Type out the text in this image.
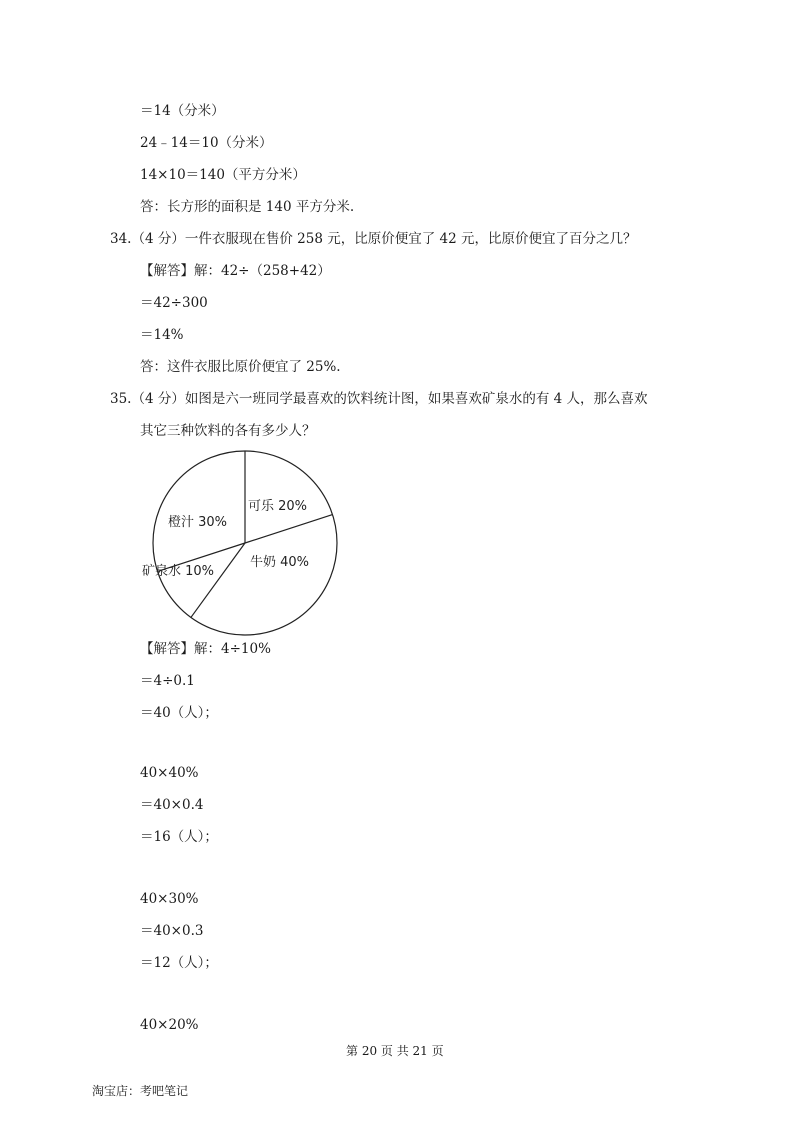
＝14（分米）

24﹣14＝10（分米）

14×10＝140（平方分米）

答：长方形的面积是 140 平方分米.

34.（4 分）一件衣服现在售价 258 元，比原价便宜了 42 元，比原价便宜了百分之几？

【解答】解：42÷（258+42）

＝42÷300

＝14%

答：这件衣服比原价便宜了 25%.

35.（4 分）如图是六一班同学最喜欢的饮料统计图，如果喜欢矿泉水的有 4 人，那么喜欢

其它三种饮料的各有多少人？

可乐 20%
牛奶 40%
矿泉水 10%
橙汁 30%

【解答】解：4÷10%

＝4÷0.1

＝40（人）；

40×40%

＝40×0.4

＝16（人）；

40×30%

＝40×0.3

＝12（人）；

40×20%

第 20 页 共 21 页

淘宝店：考吧笔记
